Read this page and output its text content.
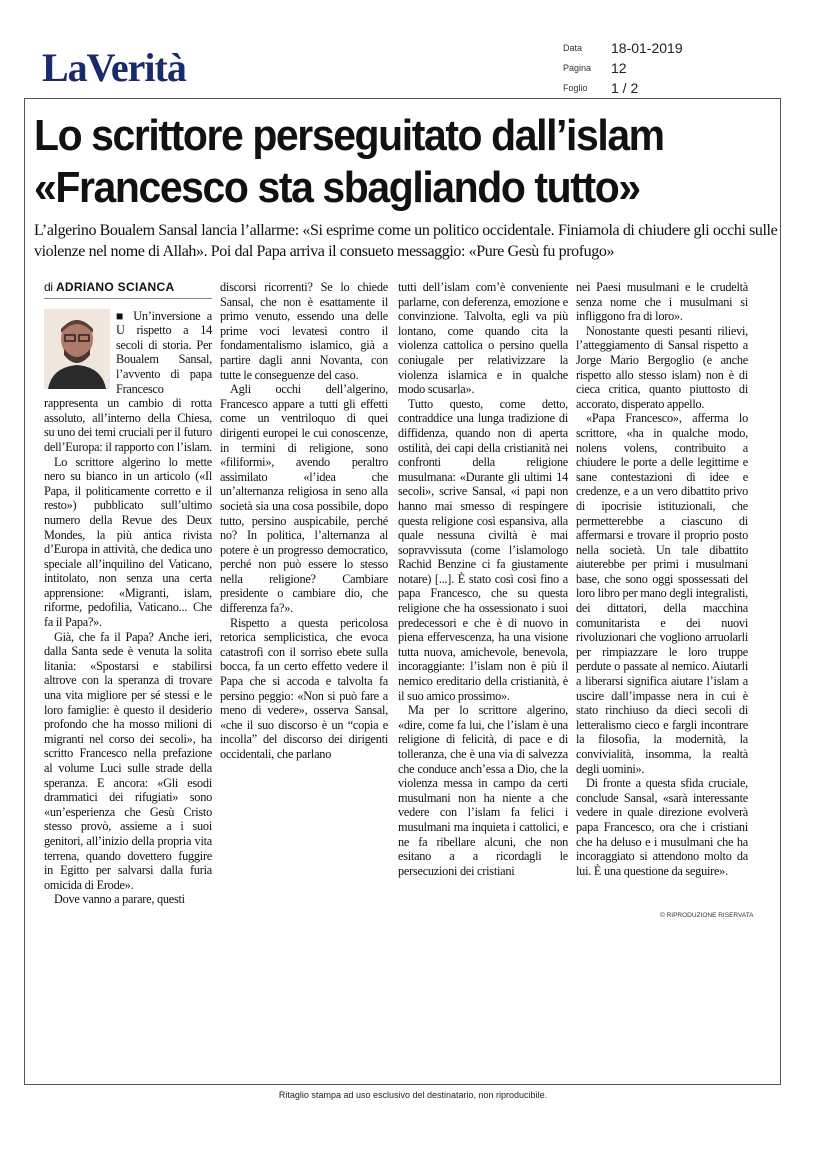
LaVerità	Data	18-01-2019
Pagina	12
Foglio	1 / 2
Lo scrittore perseguitato dall’islam
«Francesco sta sbagliando tutto»
L’algerino Boualem Sansal lancia l’allarme: «Si esprime come un politico occidentale. Finiamola di chiudere gli occhi sulle violenze nel nome di Allah». Poi dal Papa arriva il consueto messaggio: «Pure Gesù fu profugo»
di ADRIANO SCIANCA

■ Un’inversione a U rispetto a 14 secoli di storia. Per Boualem Sansal, l’avvento di papa Francesco rappresenta un cambio di rotta assoluto, all’interno della Chiesa, su uno dei temi cruciali per il futuro dell’Europa: il rapporto con l’islam.

Lo scrittore algerino lo mette nero su bianco in un articolo («Il Papa, il politicamente corretto e il resto») pubblicato sull’ultimo numero della Revue des Deux Mondes, la più antica rivista d’Europa in attività, che dedica uno speciale all’inquilino del Vaticano, intitolato, non senza una certa apprensione: «Migranti, islam, riforme, pedofilia, Vaticano... Che fa il Papa?».

Già, che fa il Papa? Anche ieri, dalla Santa sede è venuta la solita litania: «Spostarsi e stabilirsi altrove con la speranza di trovare una vita migliore per sé stessi e le loro famiglie: è questo il desiderio profondo che ha mosso milioni di migranti nel corso dei secoli», ha scritto Francesco nella prefazione al volume Luci sulle strade della speranza. E ancora: «Gli esodi drammatici dei rifugiati» sono «un’esperienza che Gesù Cristo stesso provò, assieme a i suoi genitori, all’inizio della propria vita terrena, quando dovettero fuggire in Egitto per salvarsi dalla furia omicida di Erode».

Dove vanno a parare, questi

discorsi ricorrenti? Se lo chiede Sansal, che non è esattamente il primo venuto, essendo una delle prime voci levatesi contro il fondamentalismo islamico, già a partire dagli anni Novanta, con tutte le conseguenze del caso.

Agli occhi dell’algerino, Francesco appare a tutti gli effetti come un ventriloquo di quei dirigenti europei le cui conoscenze, in termini di religione, sono «filiformi», avendo peraltro assimilato «l’idea che un’alternanza religiosa in seno alla società sia una cosa possibile, dopo tutto, persino auspicabile, perché no? In politica, l’alternanza al potere è un progresso democratico, perché non può essere lo stesso nella religione? Cambiare presidente o cambiare dio, che differenza fa?».

Rispetto a questa pericolosa retorica semplicistica, che evoca catastrofi con il sorriso ebete sulla bocca, fa un certo effetto vedere il Papa che si accoda e talvolta fa persino peggio: «Non si può fare a meno di vedere», osserva Sansal, «che il suo discorso è un “copia e incolla” del discorso dei dirigenti occidentali, che parlano

tutti dell’islam com’è conveniente parlarne, con deferenza, emozione e convinzione. Talvolta, egli va più lontano, come quando cita la violenza cattolica o persino quella coniugale per relativizzare la violenza islamica e in qualche modo scusarla».

Tutto questo, come detto, contraddice una lunga tradizione di diffidenza, quando non di aperta ostilità, dei capi della cristianità nei confronti della religione musulmana: «Durante gli ultimi 14 secoli», scrive Sansal, «i papi non hanno mai smesso di respingere questa religione così espansiva, alla quale nessuna civiltà è mai sopravvissuta (come l’islamologo Rachid Benzine ci fa giustamente notare) [...]. È stato così così fino a papa Francesco, che su questa religione che ha ossessionato i suoi predecessori e che è di nuovo in piena effervescenza, ha una visione tutta nuova, amichevole, benevola, incoraggiante: l’islam non è più il nemico ereditario della cristianità, è il suo amico prossimo».

Ma per lo scrittore algerino, «dire, come fa lui, che l’islam è una religione di felicità, di pace e di tolleranza, che è una via di salvezza che conduce anch’essa a Dio, che la violenza messa in campo da certi musulmani non ha niente a che vedere con l’islam fa felici i musulmani ma inquieta i cattolici, e ne fa ribellare alcuni, che non esitano a a ricordagli le persecuzioni dei cristiani

nei Paesi musulmani e le crudeltà senza nome che i musulmani si infliggono fra di loro».

Nonostante questi pesanti rilievi, l’atteggiamento di Sansal rispetto a Jorge Mario Bergoglio (e anche rispetto allo stesso islam) non è di cieca critica, quanto piuttosto di accorato, disperato appello.

«Papa Francesco», afferma lo scrittore, «ha in qualche modo, nolens volens, contribuito a chiudere le porte a delle legittime e sane contestazioni di idee e credenze, e a un vero dibattito privo di ipocrisie istituzionali, che permetterebbe a ciascuno di affermarsi e trovare il proprio posto nella società. Un tale dibattito aiuterebbe per primi i musulmani base, che sono oggi spossessati del loro libro per mano degli integralisti, dei dittatori, della macchina comunitarista e dei nuovi rivoluzionari che vogliono arruolarli per rimpiazzare le loro truppe perdute o passate al nemico. Aiutarli a liberarsi significa aiutare l’islam a uscire dall’impasse nera in cui è stato rinchiuso da dieci secoli di letteralismo cieco e fargli incontrare la filosofia, la modernità, la convivialità, insomma, la realtà degli uomini».

Di fronte a questa sfida cruciale, conclude Sansal, «sarà interessante vedere in quale direzione evolverà papa Francesco, ora che i cristiani che ha deluso e i musulmani che ha incoraggiato si attendono molto da lui. È una questione da seguire».

© RIPRODUZIONE RISERVATA
Ritaglio stampa ad uso esclusivo del destinatario, non riproducibile.
